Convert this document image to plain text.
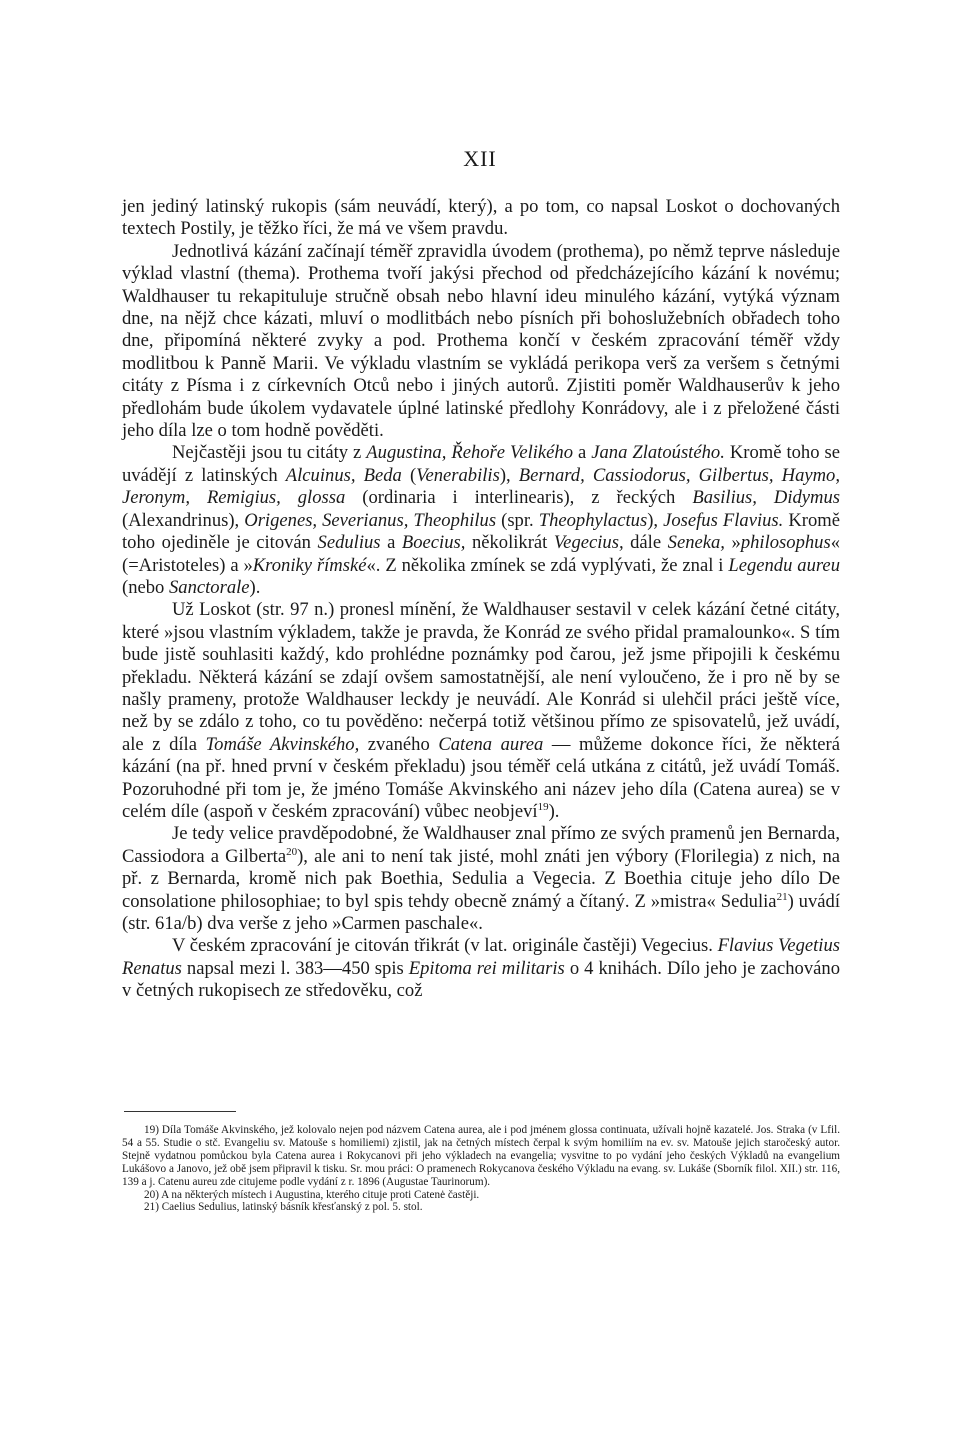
XII

jen jediný latinský rukopis (sám neuvádí, který), a po tom, co napsal Loskot o dochovaných textech Postily, je těžko říci, že má ve všem pravdu.

Jednotlivá kázání začínají téměř zpravidla úvodem (prothema), po němž teprve následuje výklad vlastní (thema). Prothema tvoří jakýsi přechod od předcházejícího kázání k novému; Waldhauser tu rekapituluje stručně obsah nebo hlavní ideu minulého kázání, vytýká význam dne, na nějž chce kázati, mluví o modlitbách nebo písních při bohoslužebních obřadech toho dne, připomíná některé zvyky a pod. Prothema končí v českém zpracování téměř vždy modlitbou k Panně Marii. Ve výkladu vlastním se vykládá perikopa verš za veršem s četnými citáty z Písma i z církevních Otců nebo i jiných autorů. Zjistiti poměr Waldhauserův k jeho předlohám bude úkolem vydavatele úplné latinské předlohy Konrádovy, ale i z přeložené části jeho díla lze o tom hodně pověděti.

Nejčastěji jsou tu citáty z Augustina, Řehoře Velikého a Jana Zlatoústého. Kromě toho se uvádějí z latinských Alcuinus, Beda (Venerabilis), Bernard, Cassiodorus, Gilbertus, Haymo, Jeronym, Remigius, glossa (ordinaria i interlinearis), z řeckých Basilius, Didymus (Alexandrinus), Origenes, Severianus, Theophilus (spr. Theophylactus), Josefus Flavius. Kromě toho ojediněle je citován Sedulius a Boecius, několikrát Vegecius, dále Seneka, »philosophus« (=Aristoteles) a »Kroniky římské«. Z několika zmínek se zdá vyplývati, že znal i Legendu aureu (nebo Sanctorale).

Už Loskot (str. 97 n.) pronesl mínění, že Waldhauser sestavil v celek kázání četné citáty, které »jsou vlastním výkladem, takže je pravda, že Konrád ze svého přidal pramalounko«. S tím bude jistě souhlasiti každý, kdo prohlédne poznámky pod čarou, jež jsme připojili k českému překladu. Některá kázání se zdají ovšem samostatnější, ale není vyloučeno, že i pro ně by se našly prameny, protože Waldhauser leckdy je neuvádí. Ale Konrád si ulehčil práci ještě více, než by se zdálo z toho, co tu pověděno: nečerpá totiž většinou přímo ze spisovatelů, jež uvádí, ale z díla Tomáše Akvinského, zvaného Catena aurea — můžeme dokonce říci, že některá kázání (na př. hned první v českém překladu) jsou téměř celá utkána z citátů, jež uvádí Tomáš. Pozoruhodné při tom je, že jméno Tomáše Akvinského ani název jeho díla (Catena aurea) se v celém díle (aspoň v českém zpracování) vůbec neobjeví$^{19}$).

Je tedy velice pravděpodobné, že Waldhauser znal přímo ze svých pramenů jen Bernarda, Cassiodora a Gilberta$^{20}$), ale ani to není tak jisté, mohl znáti jen výbory (Florilegia) z nich, na př. z Bernarda, kromě nich pak Boethia, Sedulia a Vegecia. Z Boethia cituje jeho dílo De consolatione philosophiae; to byl spis tehdy obecně známý a čítaný. Z »mistra« Sedulia$^{21}$) uvádí (str. 61a/b) dva verše z jeho »Carmen paschale«.

V českém zpracování je citován třikrát (v lat. originále častěji) Vegecius. Flavius Vegetius Renatus napsal mezi l. 383—450 spis Epitoma rei militaris o 4 knihách. Dílo jeho je zachováno v četných rukopisech ze středověku, což

19) Díla Tomáše Akvinského, jež kolovalo nejen pod názvem Catena aurea, ale i pod jménem glossa continuata, užívali hojně kazatelé. Jos. Straka (v Lfil. 54 a 55. Studie o stč. Evangeliu sv. Matouše s homiliemi) zjistil, jak na četných místech čerpal k svým homiliím na ev. sv. Matouše jejich staročeský autor. Stejně vydatnou pomůckou byla Catena aurea i Rokycanovi při jeho výkladech na evangelia; vysvitne to po vydání jeho českých Výkladů na evangelium Lukášovo a Janovo, jež obě jsem připravil k tisku. Sr. mou práci: O pramenech Rokycanova českého Výkladu na evang. sv. Lukáše (Sborník filol. XII.) str. 116, 139 a j. Catenu aureu zde citujeme podle vydání z r. 1896 (Augustae Taurinorum).

20) A na některých místech i Augustina, kterého cituje proti Catenė častěji.

21) Caelius Sedulius, latinský básník křesťanský z pol. 5. stol.
